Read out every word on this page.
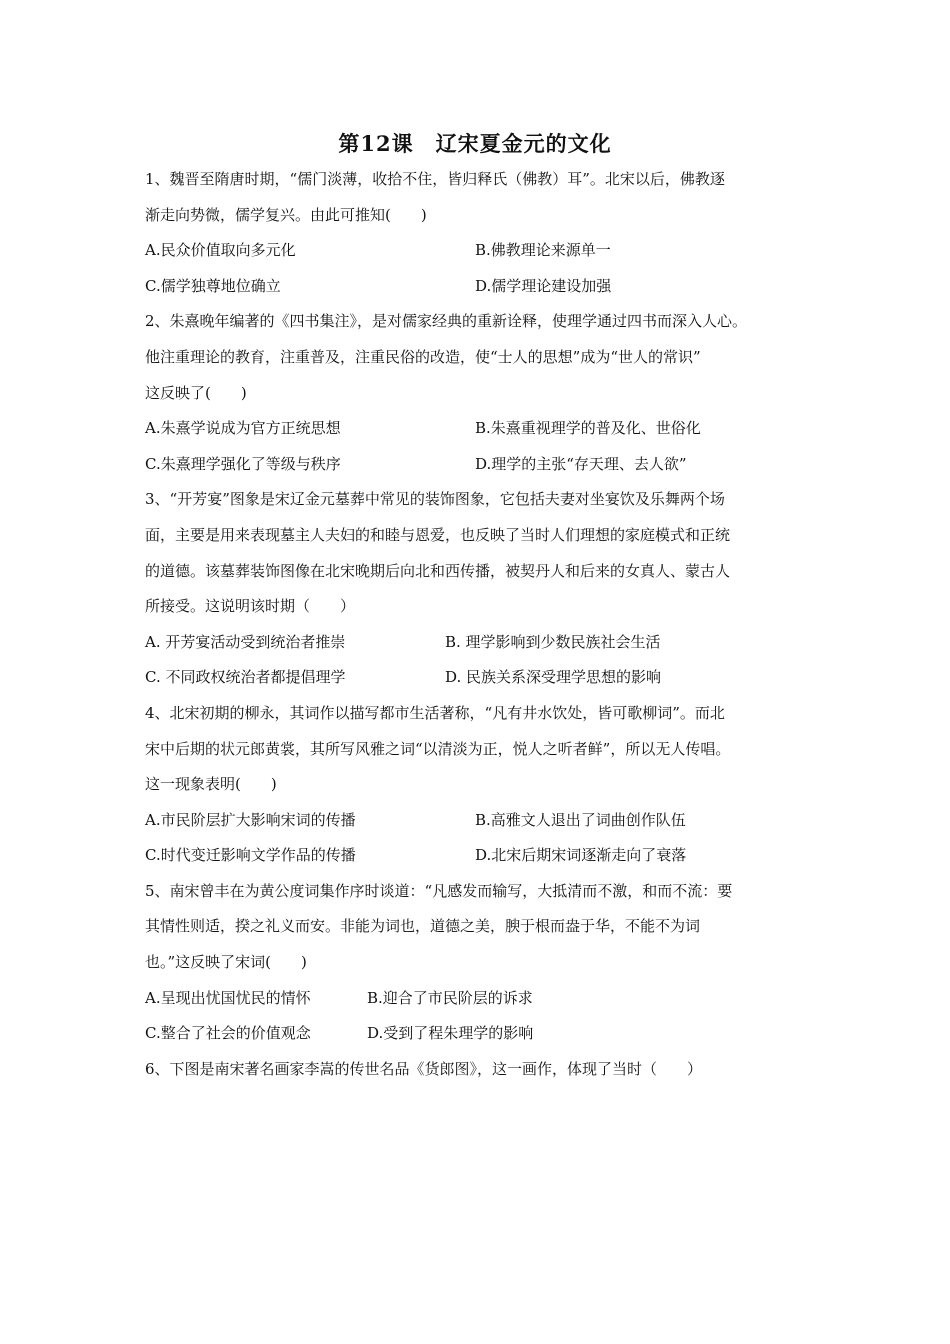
第12课　辽宋夏金元的文化
1、魏晋至隋唐时期，“儒门淡薄，收拾不住，皆归释氏（佛教）耳”。北宋以后，佛教逐
渐走向势微，儒学复兴。由此可推知(　　)
A.民众价值取向多元化	B.佛教理论来源单一
C.儒学独尊地位确立	D.儒学理论建设加强
2、朱熹晚年编著的《四书集注》，是对儒家经典的重新诠释，使理学通过四书而深入人心。
他注重理论的教育，注重普及，注重民俗的改造，使“士人的思想”成为“世人的常识”
这反映了(　　)
A.朱熹学说成为官方正统思想	B.朱熹重视理学的普及化、世俗化
C.朱熹理学强化了等级与秩序	D.理学的主张“存天理、去人欲”
3、“开芳宴”图象是宋辽金元墓葬中常见的装饰图象，它包括夫妻对坐宴饮及乐舞两个场
面，主要是用来表现墓主人夫妇的和睦与恩爱，也反映了当时人们理想的家庭模式和正统
的道德。该墓葬装饰图像在北宋晚期后向北和西传播，被契丹人和后来的女真人、蒙古人
所接受。这说明该时期（　　）
A. 开芳宴活动受到统治者推崇	B. 理学影响到少数民族社会生活
C. 不同政权统治者都提倡理学	D. 民族关系深受理学思想的影响
4、北宋初期的柳永，其词作以描写都市生活著称，“凡有井水饮处，皆可歌柳词”。而北
宋中后期的状元郎黄裳，其所写风雅之词“以清淡为正，悦人之听者鲜”，所以无人传唱。
这一现象表明(　　)
A.市民阶层扩大影响宋词的传播	B.高雅文人退出了词曲创作队伍
C.时代变迁影响文学作品的传播	D.北宋后期宋词逐渐走向了衰落
5、南宋曾丰在为黄公度词集作序时谈道：“凡感发而输写，大抵清而不激，和而不流：要
其情性则适，揆之礼义而安。非能为词也，道德之美，腴于根而盎于华，不能不为词
也。”这反映了宋词(　　)
A.呈现出忧国忧民的情怀	B.迎合了市民阶层的诉求
C.整合了社会的价值观念	D.受到了程朱理学的影响
6、下图是南宋著名画家李嵩的传世名品《货郎图》，这一画作，体现了当时（　　）
